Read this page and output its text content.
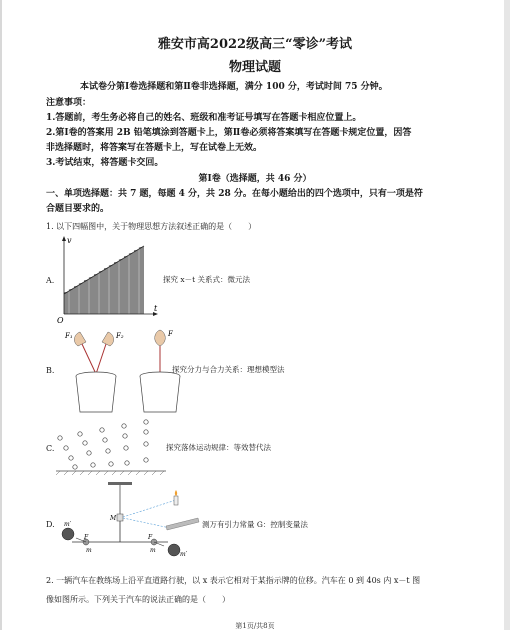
雅安市高2022级高三“零诊”考试
物理试题
本试卷分第Ⅰ卷选择题和第Ⅱ卷非选择题，满分 100 分，考试时间 75 分钟。
注意事项：
1.答题前，考生务必将自己的姓名、班级和准考证号填写在答题卡相应位置上。
2.第Ⅰ卷的答案用 2B 铅笔填涂到答题卡上，第Ⅱ卷必须将答案填写在答题卡规定位置，因答
非选择题时，将答案写在答题卡上，写在试卷上无效。
3.考试结束，将答题卡交回。
第Ⅰ卷（选择题，共 46 分）
一、单项选择题：共 7 题，每题 4 分，共 28 分。在每小题给出的四个选项中，只有一项是符
合题目要求的。
1. 以下四幅图中，关于物理思想方法叙述正确的是（　　）
A.
v
t
O
探究 x－t 关系式：微元法
B.
F₁	F₂	F
探究分力与合力关系：理想模型法
C.	探究落体运动规律：等效替代法
D.
M
m′
F
m
F
m
m′
测万有引力常量 G：控制变量法
2. 一辆汽车在教练场上沿平直道路行驶，以 x 表示它相对于某指示牌的位移。汽车在 0 到 40s 内 x－t 图
像如图所示。下列关于汽车的说法正确的是（　　）
第1页/共8页
